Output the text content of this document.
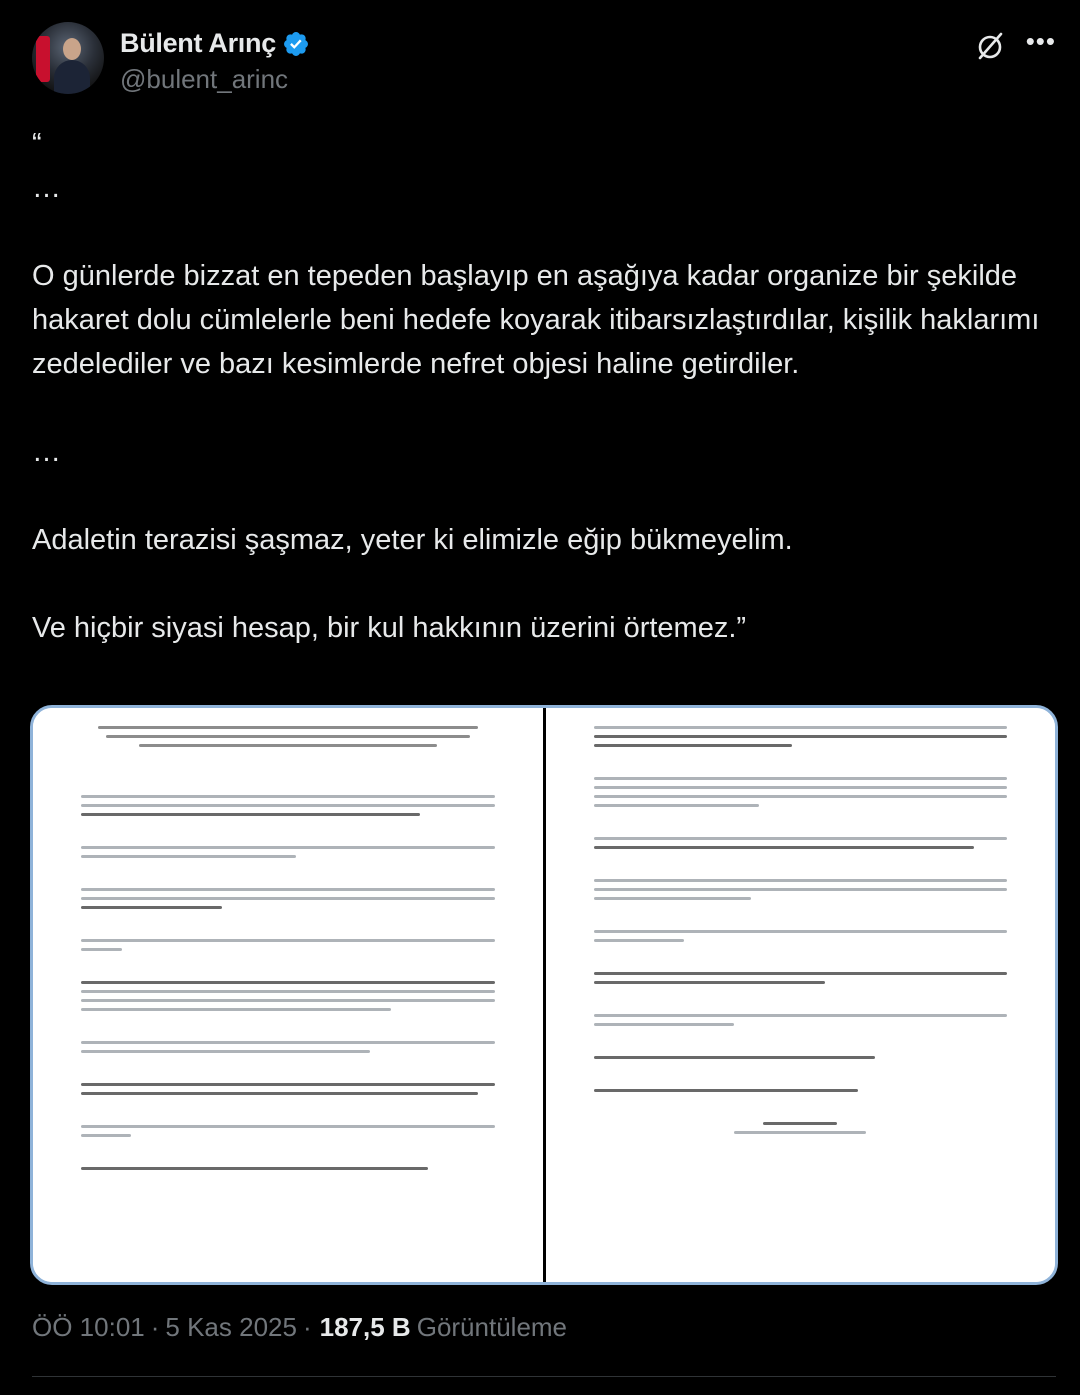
Bülent Arınç
@bulent_arinc
•••
“
…

O günlerde bizzat en tepeden başlayıp en aşağıya kadar organize bir şekilde hakaret dolu cümlelerle beni hedefe koyarak itibarsızlaştırdılar, kişilik haklarımı zedelediler ve bazı kesimlerde nefret objesi haline getirdiler.

…

Adaletin terazisi şaşmaz, yeter ki elimizle eğip bükmeyelim.

Ve hiçbir siyasi hesap, bir kul hakkının üzerini örtemez.”
ÖÖ 10:01 · 5 Kas 2025 · 187,5 B Görüntüleme
